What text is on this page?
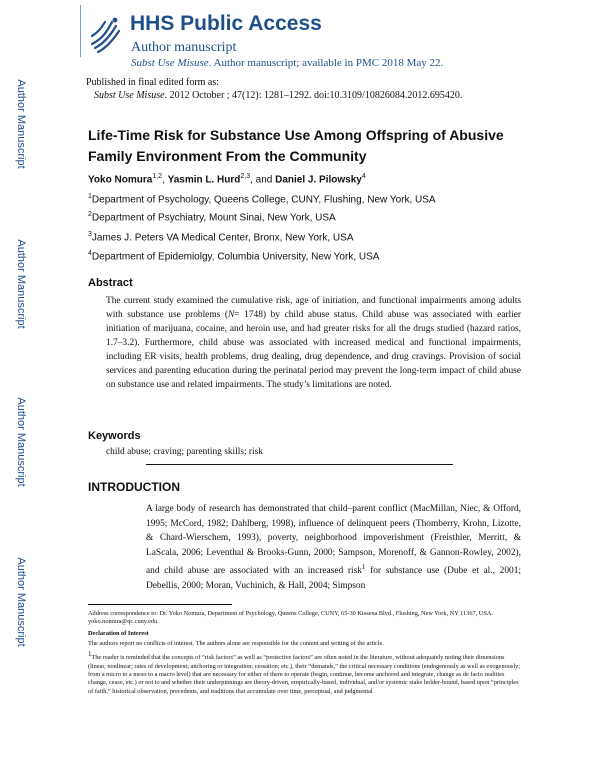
Author Manuscript
Author Manuscript
Author Manuscript
Author Manuscript
HHS Public Access
Author manuscript
Subst Use Misuse. Author manuscript; available in PMC 2018 May 22.
Published in final edited form as:
Subst Use Misuse. 2012 October ; 47(12): 1281–1292. doi:10.3109/10826084.2012.695420.
Life-Time Risk for Substance Use Among Offspring of Abusive Family Environment From the Community
Yoko Nomura$^{1,2}$, Yasmin L. Hurd$^{2,3}$, and Daniel J. Pilowsky$^4$
$^1$Department of Psychology, Queens College, CUNY, Flushing, New York, USA
$^2$Department of Psychiatry, Mount Sinai, New York, USA
$^3$James J. Peters VA Medical Center, Bronx, New York, USA
$^4$Department of Epidemiolgy, Columbia University, New York, USA
Abstract
The current study examined the cumulative risk, age of initiation, and functional impairments among adults with substance use problems (N= 1748) by child abuse status. Child abuse was associated with earlier initiation of marijuana, cocaine, and heroin use, and had greater risks for all the drugs studied (hazard ratios, 1.7–3.2). Furthermore, child abuse was associated with increased medical and functional impairments, including ER visits, health problems, drug dealing, drug dependence, and drug cravings. Provision of social services and parenting education during the perinatal period may prevent the long-term impact of child abuse on substance use and related impairments. The study’s limitations are noted.
Keywords
child abuse; craving; parenting skills; risk
INTRODUCTION
A large body of research has demonstrated that child–parent conflict (MacMillan, Niec, & Offord, 1995; McCord, 1982; Dahlberg, 1998), influence of delinquent peers (Thomberry, Krohn, Lizotte, & Chard-Wierschem, 1993), poverty, neighborhood impoverishment (Freisthler, Merritt, & LaScala, 2006; Leventhal & Brooks-Gunn, 2000; Sampson, Morenoff, & Gannon-Rowley, 2002), and child abuse are associated with an increased risk$^1$ for substance use (Dube et al., 2001; Debellis, 2000; Moran, Vuchinich, & Hall, 2004; Simpson
Address correspondence to: Dr. Yoko Nomura, Department of Psychology, Queens College, CUNY, 65-30 Kissena Blvd., Flushing, New York, NY 11367, USA. yoko.nomura@qc.cuny.edu.
Declaration of Interest
The authors report no conflicts of interest. The authors alone are responsible for the content and writing of the article.
$^1$The reader is reminded that the concepts of “risk factors” as well as “protective factors” are often noted in the literature, without adequately noting their dimensions (linear, nonlinear; rates of development; anchoring or integration; cessation; etc.), their “demands,” the critical necessary conditions (endogenously as well as exogenously; from a micro to a meso to a macro level) that are necessary for either of them to operate (begin, continue, become anchored and integrate, change as de facto realities change, cease, etc.) or not to and whether their underpinnings are theory-driven, empirically-based, individual, and/or systemic stake holder-bound, based upon “principles of faith,” historical observation, precedents, and traditions that accumulate over time, perceptual, and judgmental
